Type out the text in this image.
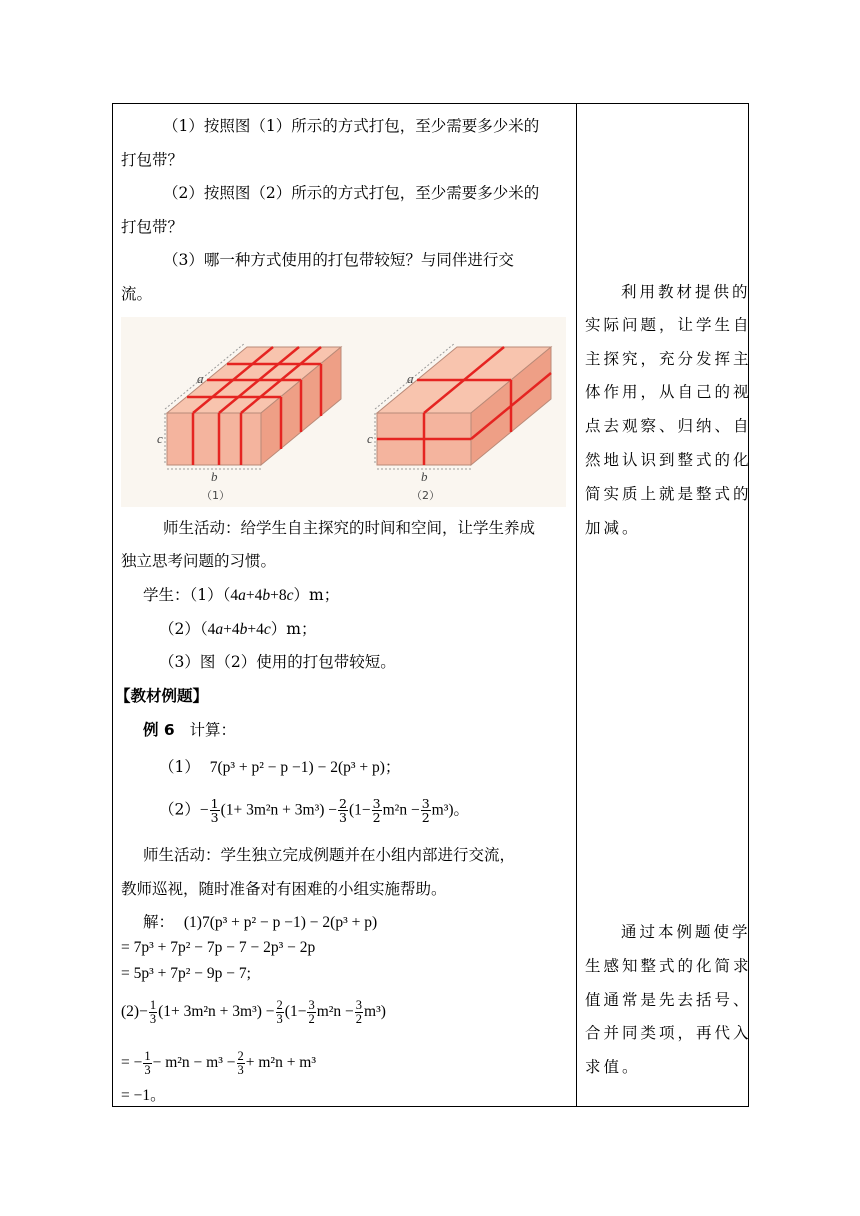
（1）按照图（1）所示的方式打包，至少需要多少米的
打包带？
（2）按照图（2）所示的方式打包，至少需要多少米的
打包带？
（3）哪一种方式使用的打包带较短？与同伴进行交
流。
a
c
b
a
c
b
（1）	（2）
师生活动：给学生自主探究的时间和空间，让学生养成
独立思考问题的习惯。
学生：（1）（4a+4b+8c）m；
（2）（4a+4b+4c）m；
（3）图（2）使用的打包带较短。
【教材例题】
例 6 计算：
（1） 7(p³ + p² − p −1) − 2(p³ + p)；
$(2)- \frac{1}{3} (1+ 3m^2n + 3m^3) - \frac{2}{3} (1- \frac{3}{2} m^2n - \frac{3}{2} m^3)$。
师生活动：学生独立完成例题并在小组内部进行交流，
教师巡视，随时准备对有困难的小组实施帮助。
解： (1)7(p³ + p² − p −1) − 2(p³ + p)
= 7p³ + 7p² − 7p − 7 − 2p³ − 2p
= 5p³ + 7p² − 9p − 7;
$(2)- \frac{1}{3} (1+ 3m^2n + 3m^3) - \frac{2}{3} (1- \frac{3}{2} m^2n - \frac{3}{2} m^3)$
= − $\frac{1}{3} - m^2n - m^3 - \frac{2}{3} + m^2n + m^3$
= −1。
利用教材提供的
实际问题，让学生自
主探究，充分发挥主
体作用，从自己的视
点去观察、归纳、自
然地认识到整式的化
简实质上就是整式的
加减。
通过本例题使学
生感知整式的化简求
值通常是先去括号、
合并同类项，再代入
求值。
